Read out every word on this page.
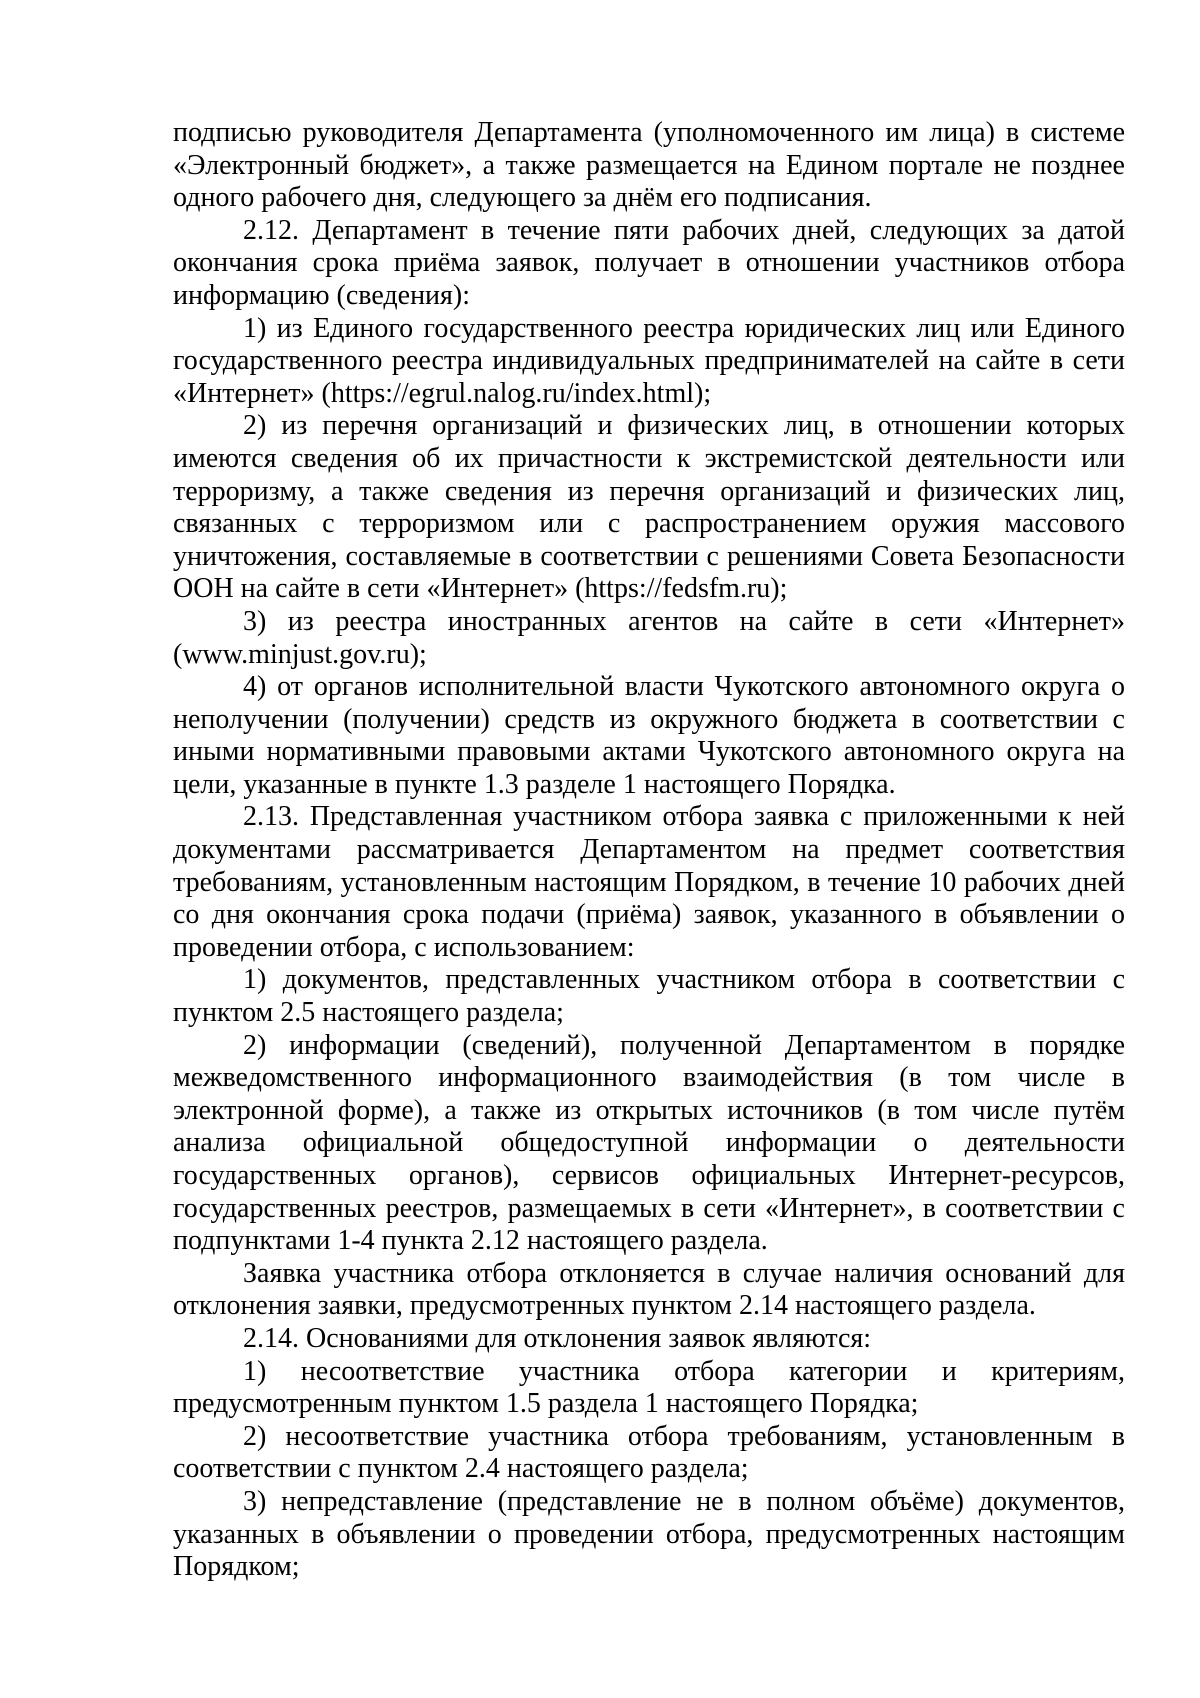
подписью руководителя Департамента (уполномоченного им лица) в системе «Электронный бюджет», а также размещается на Едином портале не позднее одного рабочего дня, следующего за днём его подписания.

2.12. Департамент в течение пяти рабочих дней, следующих за датой окончания срока приёма заявок, получает в отношении участников отбора информацию (сведения):

1) из Единого государственного реестра юридических лиц или Единого государственного реестра индивидуальных предпринимателей на сайте в сети «Интернет» (https://egrul.nalog.ru/index.html);

2) из перечня организаций и физических лиц, в отношении которых имеются сведения об их причастности к экстремистской деятельности или терроризму, а также сведения из перечня организаций и физических лиц, связанных с терроризмом или с распространением оружия массового уничтожения, составляемые в соответствии с решениями Совета Безопасности ООН на сайте в сети «Интернет» (https://fedsfm.ru);

3) из реестра иностранных агентов на сайте в сети «Интернет» (www.minjust.gov.ru);

4) от органов исполнительной власти Чукотского автономного округа о неполучении (получении) средств из окружного бюджета в соответствии с иными нормативными правовыми актами Чукотского автономного округа на цели, указанные в пункте 1.3 разделе 1 настоящего Порядка.

2.13. Представленная участником отбора заявка с приложенными к ней документами рассматривается Департаментом на предмет соответствия требованиям, установленным настоящим Порядком, в течение 10 рабочих дней со дня окончания срока подачи (приёма) заявок, указанного в объявлении о проведении отбора, с использованием:

1) документов, представленных участником отбора в соответствии с пунктом 2.5 настоящего раздела;

2) информации (сведений), полученной Департаментом в порядке межведомственного информационного взаимодействия (в том числе в электронной форме), а также из открытых источников (в том числе путём анализа официальной общедоступной информации о деятельности государственных органов), сервисов официальных Интернет-ресурсов, государственных реестров, размещаемых в сети «Интернет», в соответствии с подпунктами 1-4 пункта 2.12 настоящего раздела.

Заявка участника отбора отклоняется в случае наличия оснований для отклонения заявки, предусмотренных пунктом 2.14 настоящего раздела.

2.14. Основаниями для отклонения заявок являются:

1) несоответствие участника отбора категории и критериям, предусмотренным пунктом 1.5 раздела 1 настоящего Порядка;

2) несоответствие участника отбора требованиям, установленным в соответствии с пунктом 2.4 настоящего раздела;

3) непредставление (представление не в полном объёме) документов, указанных в объявлении о проведении отбора, предусмотренных настоящим Порядком;
